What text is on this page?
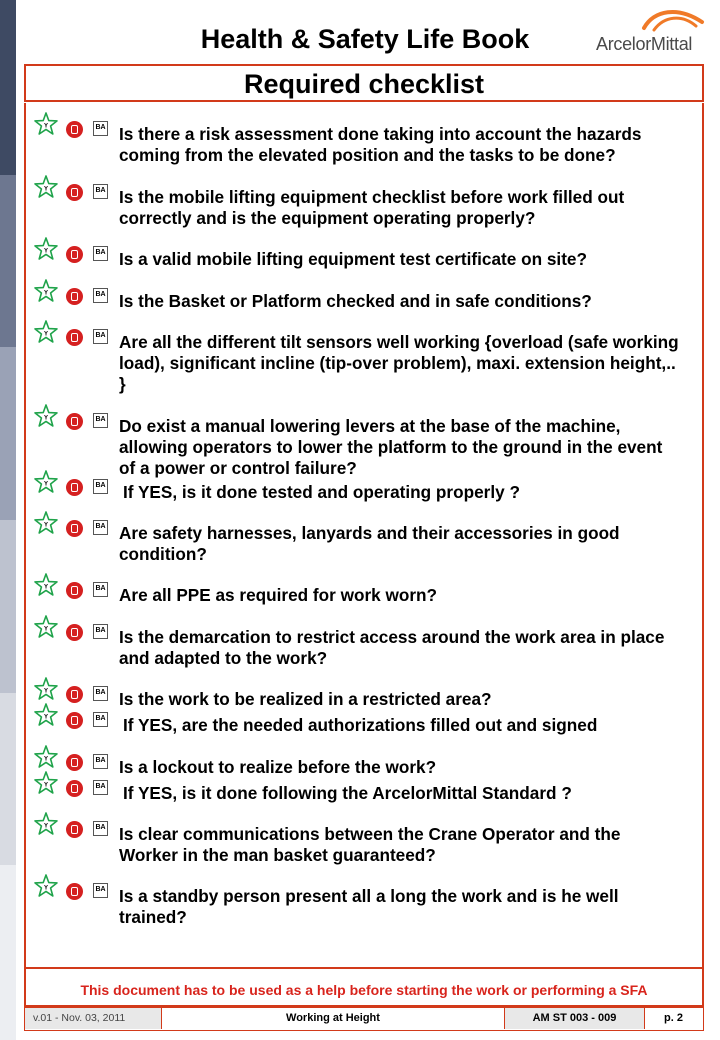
Health & Safety Life Book	ArcelorMittal
Required checklist
Y	BA Is there a risk assessment done taking into account the hazards coming from the elevated position and the tasks to be done?
Y	BA Is the mobile lifting equipment checklist before work filled out correctly and is the equipment operating properly?
Y	BA Is a valid mobile lifting equipment test certificate on site?
Y	BA Is the Basket or Platform checked and in safe conditions?
Y	BA Are all the different tilt sensors well working {overload (safe working load), significant incline (tip-over problem), maxi. extension height,.. }
Y	BA Do exist a manual lowering levers at the base of the machine, allowing operators to lower the platform to the ground in the event of a power or control failure?
Y	BA If YES, is it done tested and operating properly ?
Y	BA Are safety harnesses, lanyards and their accessories in good condition?
Y	BA Are all PPE as required for work worn?
Y	BA Is the demarcation to restrict access around the work area in place and adapted to the work?
Y	BA Is the work to be realized in a restricted area?
Y	BA If YES, are the needed authorizations filled out and signed
Y	BA Is a lockout to realize before the work?
Y	BA If YES, is it done following the ArcelorMittal Standard ?
Y	BA Is clear communications between the Crane Operator and the Worker in the man basket guaranteed?
Y	BA Is a standby person present all a long the work and is he well trained?
This document has to be used as a help before starting the work or performing a SFA
v.01 - Nov. 03, 2011	Working at Height	AM ST 003 - 009	p. 2
